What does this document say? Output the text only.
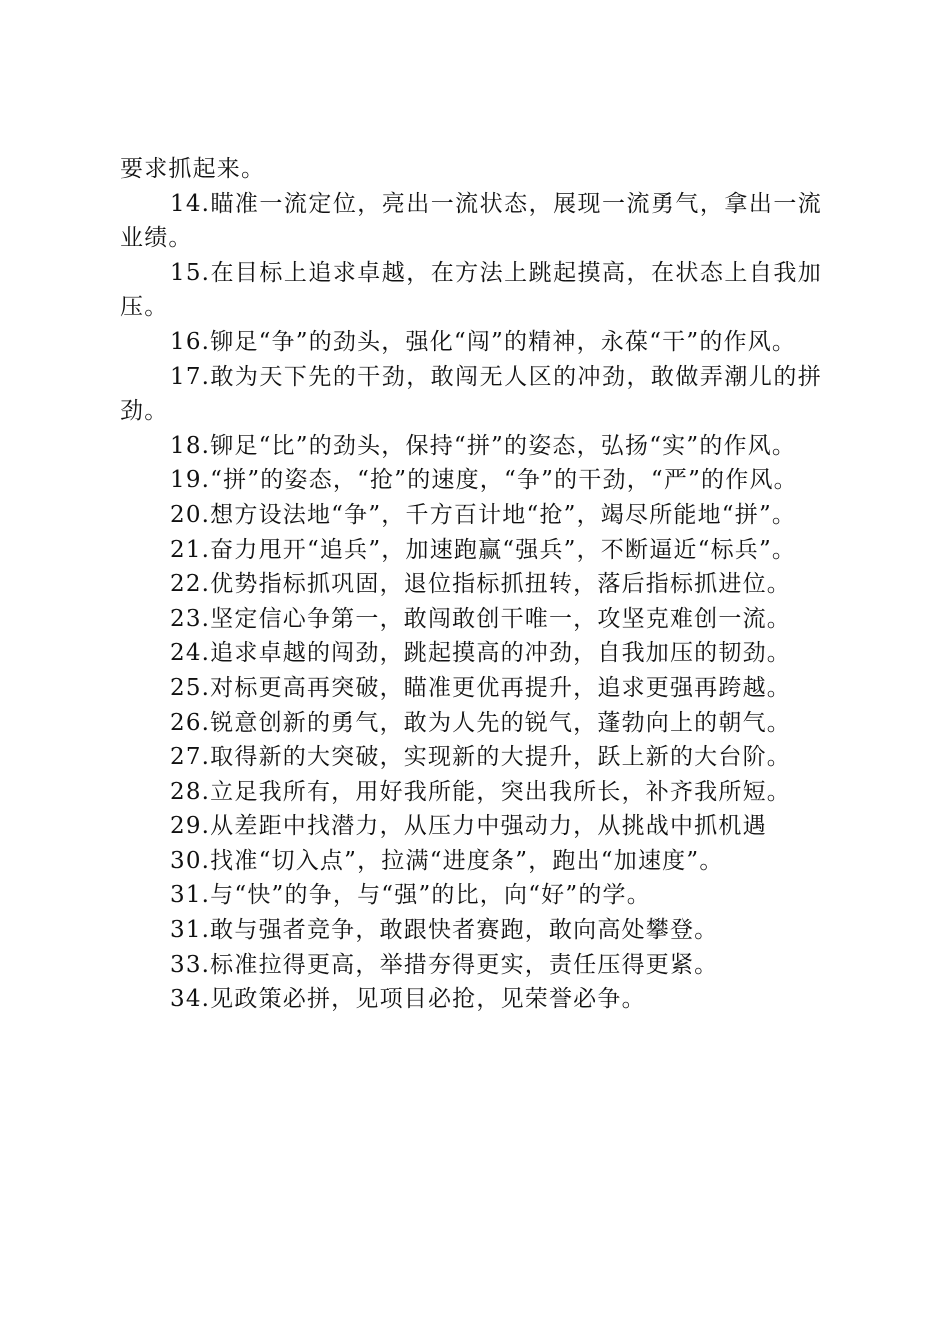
要求抓起来。

14.瞄准一流定位，亮出一流状态，展现一流勇气，拿出一流业绩。

15.在目标上追求卓越，在方法上跳起摸高，在状态上自我加压。

16.铆足“争”的劲头，强化“闯”的精神，永葆“干”的作风。

17.敢为天下先的干劲，敢闯无人区的冲劲，敢做弄潮儿的拼劲。

18.铆足“比”的劲头，保持“拼”的姿态，弘扬“实”的作风。

19.“拼”的姿态，“抢”的速度，“争”的干劲，“严”的作风。

20.想方设法地“争”，千方百计地“抢”，竭尽所能地“拼”。

21.奋力甩开“追兵”，加速跑赢“强兵”，不断逼近“标兵”。

22.优势指标抓巩固，退位指标抓扭转，落后指标抓进位。

23.坚定信心争第一，敢闯敢创干唯一，攻坚克难创一流。

24.追求卓越的闯劲，跳起摸高的冲劲，自我加压的韧劲。

25.对标更高再突破，瞄准更优再提升，追求更强再跨越。

26.锐意创新的勇气，敢为人先的锐气，蓬勃向上的朝气。

27.取得新的大突破，实现新的大提升，跃上新的大台阶。

28.立足我所有，用好我所能，突出我所长，补齐我所短。

29.从差距中找潜力，从压力中强动力，从挑战中抓机遇

30.找准“切入点”，拉满“进度条”，跑出“加速度”。

31.与“快”的争，与“强”的比，向“好”的学。

31.敢与强者竞争，敢跟快者赛跑，敢向高处攀登。

33.标准拉得更高，举措夯得更实，责任压得更紧。

34.见政策必拼，见项目必抢，见荣誉必争。
